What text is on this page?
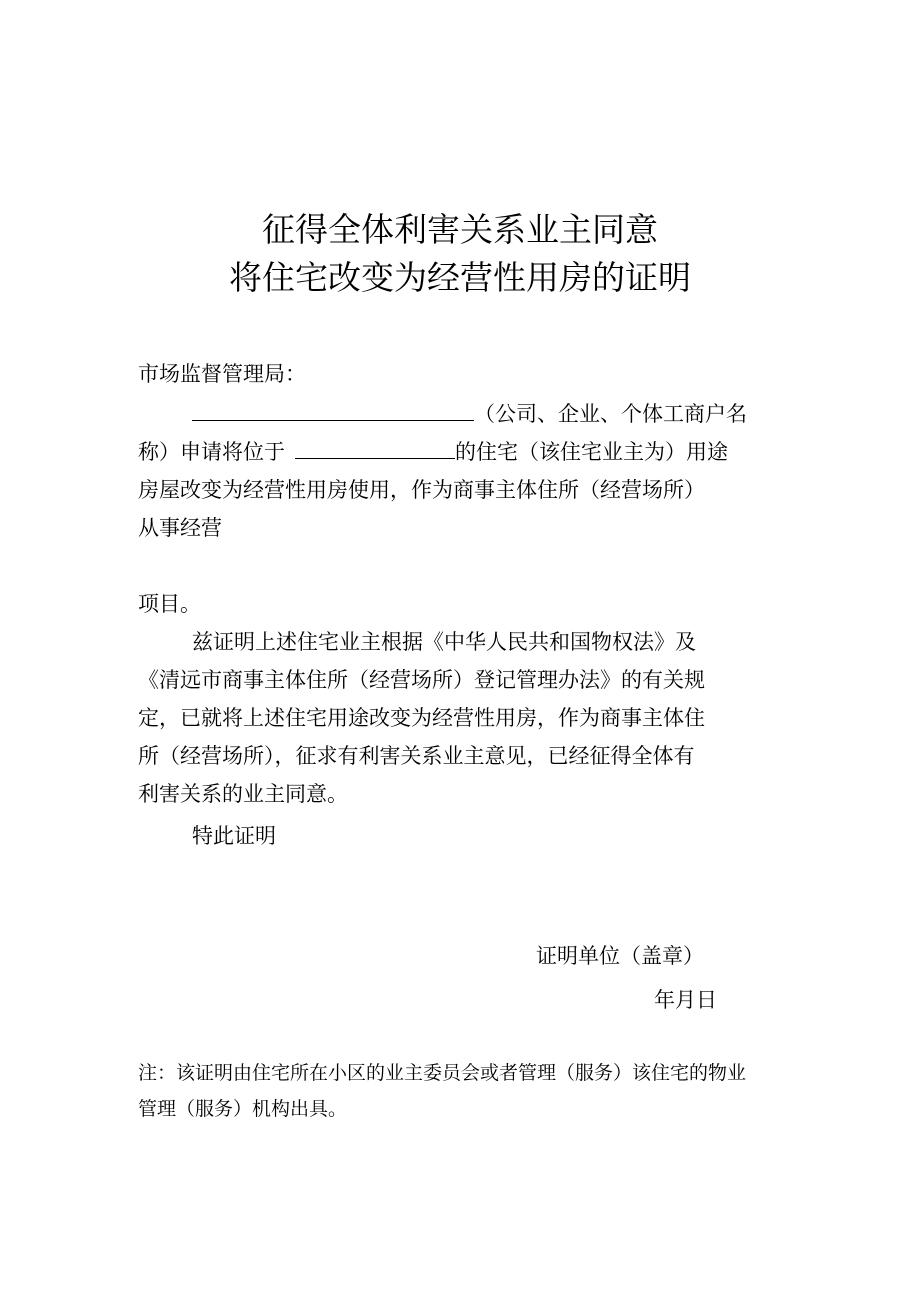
征得全体利害关系业主同意
将住宅改变为经营性用房的证明
市场监督管理局：
（公司、企业、个体工商户名
称）申请将位于	的住宅（该住宅业主为）用途
房屋改变为经营性用房使用，作为商事主体住所（经营场所）
从事经营
项目。
兹证明上述住宅业主根据《中华人民共和国物权法》及
《清远市商事主体住所（经营场所）登记管理办法》的有关规
定，已就将上述住宅用途改变为经营性用房，作为商事主体住
所（经营场所），征求有利害关系业主意见，已经征得全体有
利害关系的业主同意。
特此证明
证明单位（盖章）
年月日
注：该证明由住宅所在小区的业主委员会或者管理（服务）该住宅的物业
管理（服务）机构出具。
